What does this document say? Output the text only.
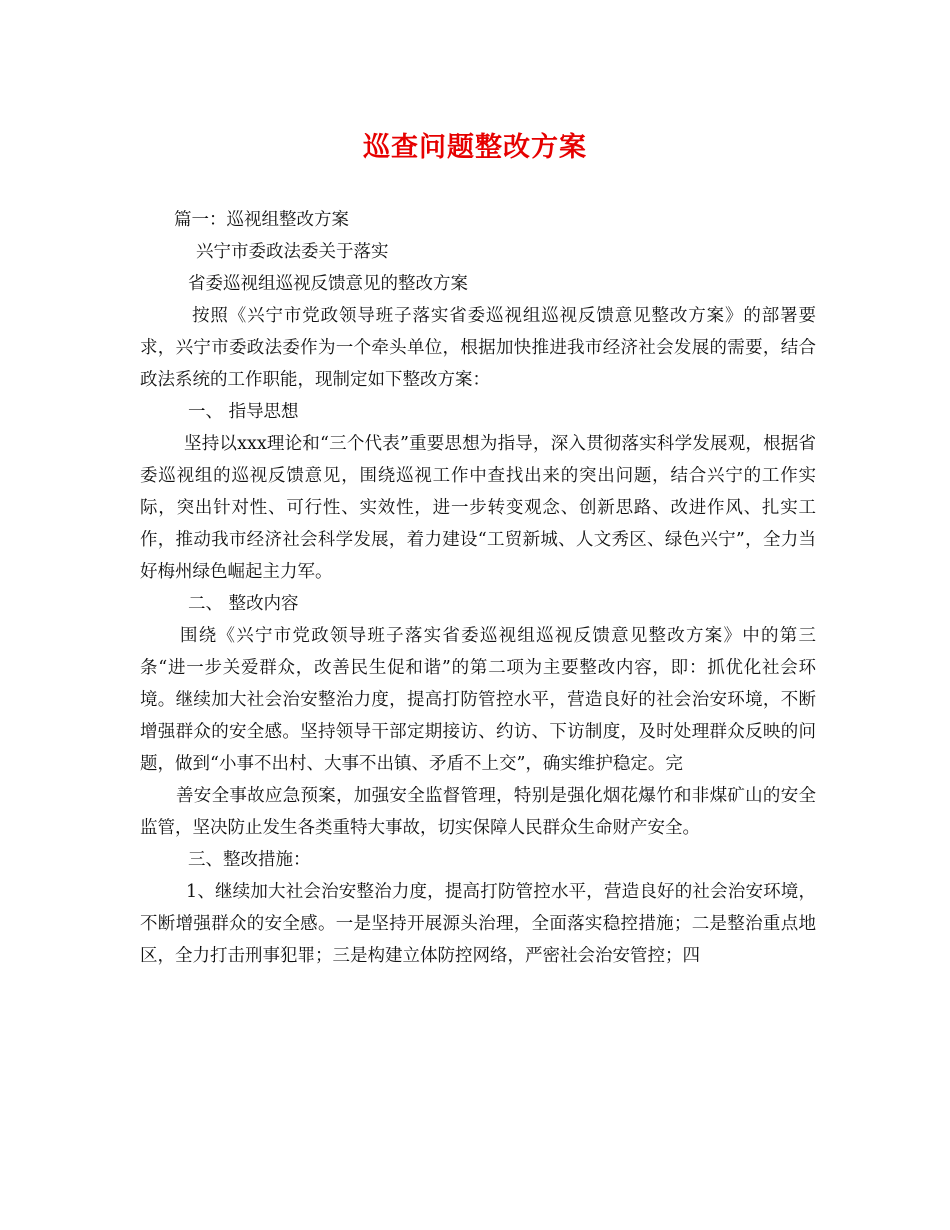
巡查问题整改方案

篇一：巡视组整改方案

兴宁市委政法委关于落实

省委巡视组巡视反馈意见的整改方案

按照《兴宁市党政领导班子落实省委巡视组巡视反馈意见整改方案》的部署要求，兴宁市委政法委作为一个牵头单位，根据加快推进我市经济社会发展的需要，结合政法系统的工作职能，现制定如下整改方案：

一、 指导思想

坚持以xxx理论和“三个代表”重要思想为指导，深入贯彻落实科学发展观，根据省委巡视组的巡视反馈意见，围绕巡视工作中查找出来的突出问题，结合兴宁的工作实际，突出针对性、可行性、实效性，进一步转变观念、创新思路、改进作风、扎实工作，推动我市经济社会科学发展，着力建设“工贸新城、人文秀区、绿色兴宁”，全力当好梅州绿色崛起主力军。

二、 整改内容

围绕《兴宁市党政领导班子落实省委巡视组巡视反馈意见整改方案》中的第三条“进一步关爱群众，改善民生促和谐”的第二项为主要整改内容，即：抓优化社会环境。继续加大社会治安整治力度，提高打防管控水平，营造良好的社会治安环境，不断增强群众的安全感。坚持领导干部定期接访、约访、下访制度，及时处理群众反映的问题，做到“小事不出村、大事不出镇、矛盾不上交”，确实维护稳定。完

善安全事故应急预案，加强安全监督管理，特别是强化烟花爆竹和非煤矿山的安全监管，坚决防止发生各类重特大事故，切实保障人民群众生命财产安全。

三、整改措施：

1、继续加大社会治安整治力度，提高打防管控水平，营造良好的社会治安环境，不断增强群众的安全感。一是坚持开展源头治理，全面落实稳控措施；二是整治重点地区，全力打击刑事犯罪；三是构建立体防控网络，严密社会治安管控；四
